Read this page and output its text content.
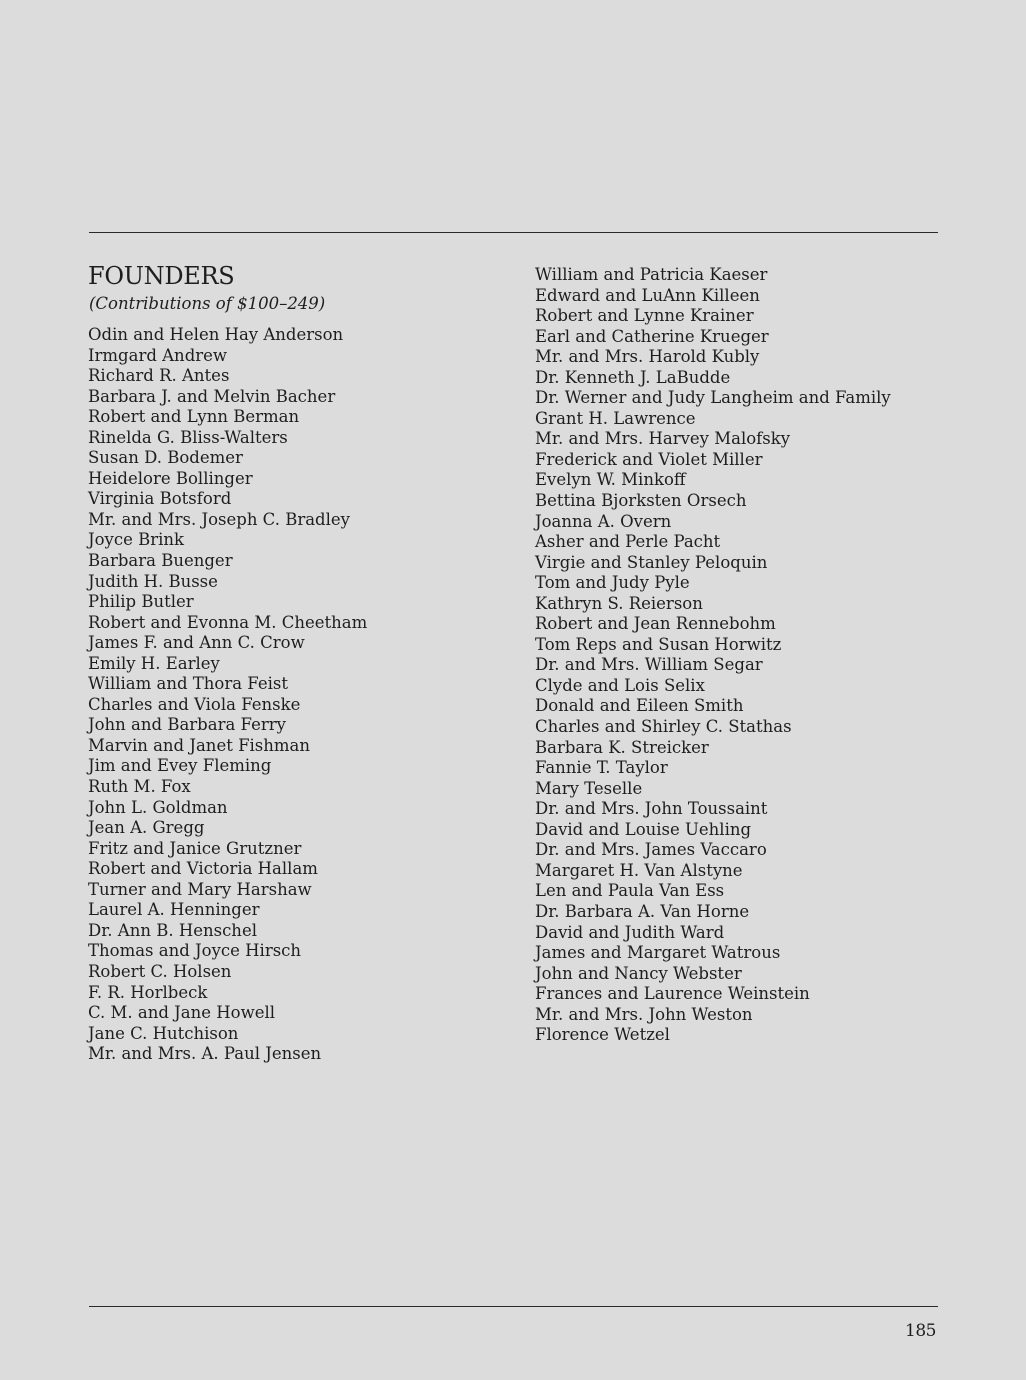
FOUNDERS
(Contributions of $100–249)
Odin and Helen Hay Anderson
Irmgard Andrew
Richard R. Antes
Barbara J. and Melvin Bacher
Robert and Lynn Berman
Rinelda G. Bliss-Walters
Susan D. Bodemer
Heidelore Bollinger
Virginia Botsford
Mr. and Mrs. Joseph C. Bradley
Joyce Brink
Barbara Buenger
Judith H. Busse
Philip Butler
Robert and Evonna M. Cheetham
James F. and Ann C. Crow
Emily H. Earley
William and Thora Feist
Charles and Viola Fenske
John and Barbara Ferry
Marvin and Janet Fishman
Jim and Evey Fleming
Ruth M. Fox
John L. Goldman
Jean A. Gregg
Fritz and Janice Grutzner
Robert and Victoria Hallam
Turner and Mary Harshaw
Laurel A. Henninger
Dr. Ann B. Henschel
Thomas and Joyce Hirsch
Robert C. Holsen
F. R. Horlbeck
C. M. and Jane Howell
Jane C. Hutchison
Mr. and Mrs. A. Paul Jensen
William and Patricia Kaeser
Edward and LuAnn Killeen
Robert and Lynne Krainer
Earl and Catherine Krueger
Mr. and Mrs. Harold Kubly
Dr. Kenneth J. LaBudde
Dr. Werner and Judy Langheim and Family
Grant H. Lawrence
Mr. and Mrs. Harvey Malofsky
Frederick and Violet Miller
Evelyn W. Minkoff
Bettina Bjorksten Orsech
Joanna A. Overn
Asher and Perle Pacht
Virgie and Stanley Peloquin
Tom and Judy Pyle
Kathryn S. Reierson
Robert and Jean Rennebohm
Tom Reps and Susan Horwitz
Dr. and Mrs. William Segar
Clyde and Lois Selix
Donald and Eileen Smith
Charles and Shirley C. Stathas
Barbara K. Streicker
Fannie T. Taylor
Mary Teselle
Dr. and Mrs. John Toussaint
David and Louise Uehling
Dr. and Mrs. James Vaccaro
Margaret H. Van Alstyne
Len and Paula Van Ess
Dr. Barbara A. Van Horne
David and Judith Ward
James and Margaret Watrous
John and Nancy Webster
Frances and Laurence Weinstein
Mr. and Mrs. John Weston
Florence Wetzel
185
